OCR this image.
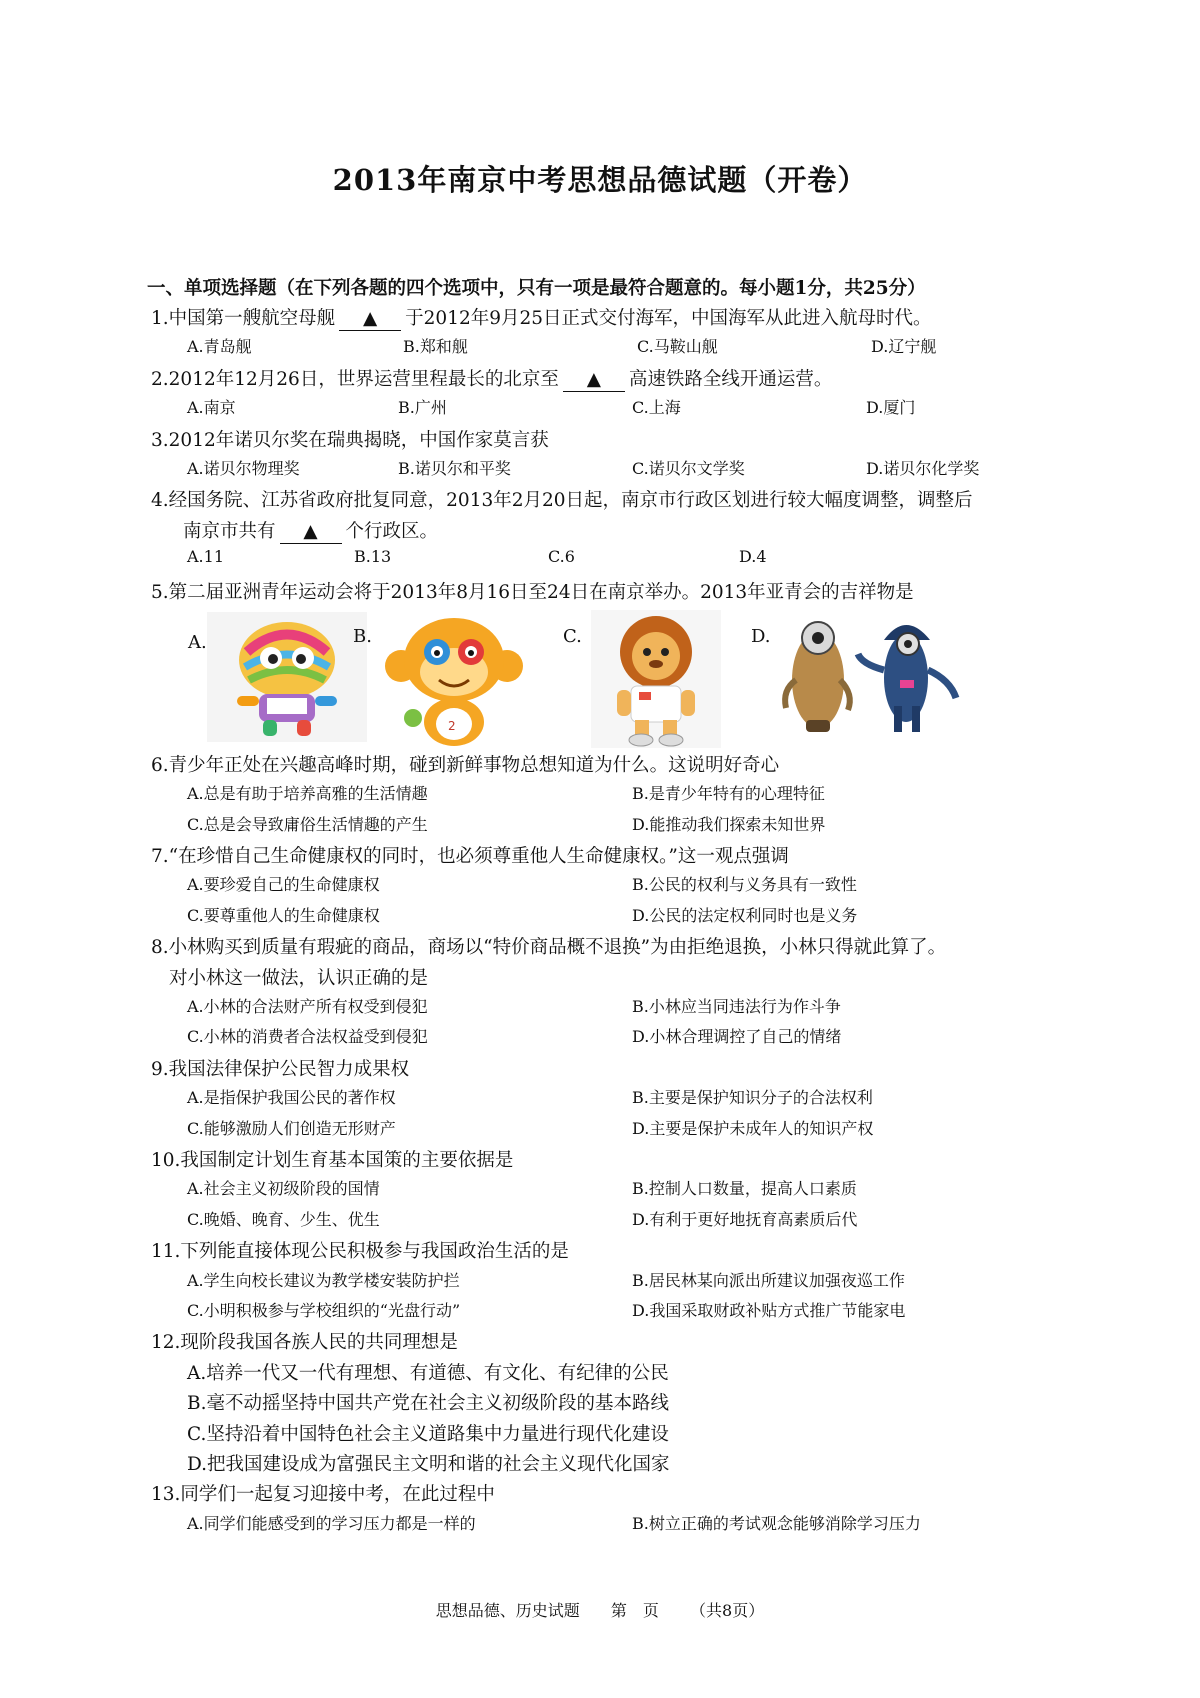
2013年南京中考思想品德试题（开卷）
一、单项选择题（在下列各题的四个选项中，只有一项是最符合题意的。每小题1分，共25分）
1.中国第一艘航空母舰 ▲ 于2012年9月25日正式交付海军，中国海军从此进入航母时代。
A.青岛舰	B.郑和舰	C.马鞍山舰	D.辽宁舰
2.2012年12月26日，世界运营里程最长的北京至 ▲ 高速铁路全线开通运营。
A.南京	B.广州	C.上海	D.厦门
3.2012年诺贝尔奖在瑞典揭晓，中国作家莫言获
A.诺贝尔物理奖	B.诺贝尔和平奖	C.诺贝尔文学奖	D.诺贝尔化学奖
4.经国务院、江苏省政府批复同意，2013年2月20日起，南京市行政区划进行较大幅度调整，调整后
南京市共有 ▲ 个行政区。
A.11	B.13	C.6	D.4
5.第二届亚洲青年运动会将于2013年8月16日至24日在南京举办。2013年亚青会的吉祥物是
A.	B.
2
C.	D.
6.青少年正处在兴趣高峰时期，碰到新鲜事物总想知道为什么。这说明好奇心
A.总是有助于培养高雅的生活情趣	B.是青少年特有的心理特征
C.总是会导致庸俗生活情趣的产生	D.能推动我们探索未知世界
7.“在珍惜自己生命健康权的同时，也必须尊重他人生命健康权。”这一观点强调
A.要珍爱自己的生命健康权	B.公民的权利与义务具有一致性
C.要尊重他人的生命健康权	D.公民的法定权利同时也是义务
8.小林购买到质量有瑕疵的商品，商场以“特价商品概不退换”为由拒绝退换，小林只得就此算了。
对小林这一做法，认识正确的是
A.小林的合法财产所有权受到侵犯	B.小林应当同违法行为作斗争
C.小林的消费者合法权益受到侵犯	D.小林合理调控了自己的情绪
9.我国法律保护公民智力成果权
A.是指保护我国公民的著作权	B.主要是保护知识分子的合法权利
C.能够激励人们创造无形财产	D.主要是保护未成年人的知识产权
10.我国制定计划生育基本国策的主要依据是
A.社会主义初级阶段的国情	B.控制人口数量，提高人口素质
C.晚婚、晚育、少生、优生	D.有利于更好地抚育高素质后代
11.下列能直接体现公民积极参与我国政治生活的是
A.学生向校长建议为教学楼安装防护拦	B.居民林某向派出所建议加强夜巡工作
C.小明积极参与学校组织的“光盘行动”	D.我国采取财政补贴方式推广节能家电
12.现阶段我国各族人民的共同理想是
A.培养一代又一代有理想、有道德、有文化、有纪律的公民
B.毫不动摇坚持中国共产党在社会主义初级阶段的基本路线
C.坚持沿着中国特色社会主义道路集中力量进行现代化建设
D.把我国建设成为富强民主文明和谐的社会主义现代化国家
13.同学们一起复习迎接中考，在此过程中
A.同学们能感受到的学习压力都是一样的	B.树立正确的考试观念能够消除学习压力
思想品德、历史试题 第　页 （共8页）
